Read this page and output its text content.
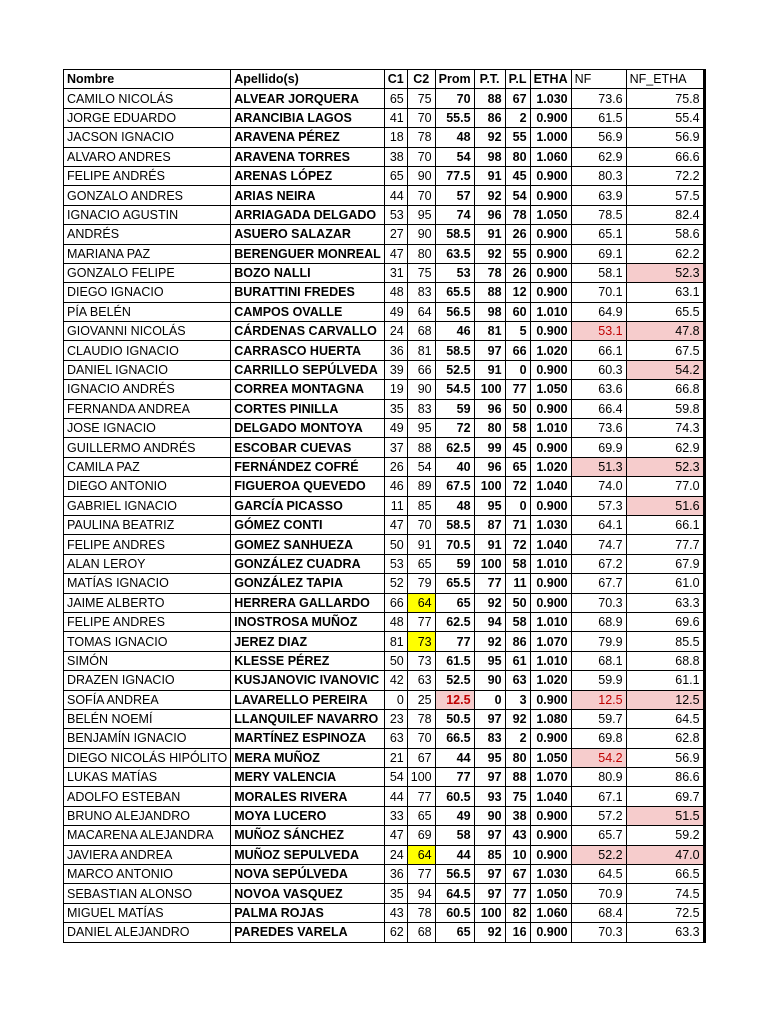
Nombre	Apellido(s)	C1	C2	Prom	P.T.	P.L	ETHA	NF	NF_ETHA
CAMILO NICOLÁS	ALVEAR JORQUERA	65	75	70	88	67	1.030	73.6	75.8
JORGE EDUARDO	ARANCIBIA LAGOS	41	70	55.5	86	2	0.900	61.5	55.4
JACSON IGNACIO	ARAVENA PÉREZ	18	78	48	92	55	1.000	56.9	56.9
ALVARO ANDRES	ARAVENA TORRES	38	70	54	98	80	1.060	62.9	66.6
FELIPE ANDRÉS	ARENAS LÓPEZ	65	90	77.5	91	45	0.900	80.3	72.2
GONZALO ANDRES	ARIAS NEIRA	44	70	57	92	54	0.900	63.9	57.5
IGNACIO AGUSTIN	ARRIAGADA DELGADO	53	95	74	96	78	1.050	78.5	82.4
ANDRÉS	ASUERO SALAZAR	27	90	58.5	91	26	0.900	65.1	58.6
MARIANA PAZ	BERENGUER MONREAL	47	80	63.5	92	55	0.900	69.1	62.2
GONZALO FELIPE	BOZO NALLI	31	75	53	78	26	0.900	58.1	52.3
DIEGO IGNACIO	BURATTINI FREDES	48	83	65.5	88	12	0.900	70.1	63.1
PÍA BELÉN	CAMPOS OVALLE	49	64	56.5	98	60	1.010	64.9	65.5
GIOVANNI NICOLÁS	CÁRDENAS CARVALLO	24	68	46	81	5	0.900	53.1	47.8
CLAUDIO IGNACIO	CARRASCO HUERTA	36	81	58.5	97	66	1.020	66.1	67.5
DANIEL IGNACIO	CARRILLO SEPÚLVEDA	39	66	52.5	91	0	0.900	60.3	54.2
IGNACIO ANDRÉS	CORREA MONTAGNA	19	90	54.5	100	77	1.050	63.6	66.8
FERNANDA ANDREA	CORTES PINILLA	35	83	59	96	50	0.900	66.4	59.8
JOSE IGNACIO	DELGADO MONTOYA	49	95	72	80	58	1.010	73.6	74.3
GUILLERMO ANDRÉS	ESCOBAR CUEVAS	37	88	62.5	99	45	0.900	69.9	62.9
CAMILA PAZ	FERNÁNDEZ COFRÉ	26	54	40	96	65	1.020	51.3	52.3
DIEGO ANTONIO	FIGUEROA QUEVEDO	46	89	67.5	100	72	1.040	74.0	77.0
GABRIEL IGNACIO	GARCÍA PICASSO	11	85	48	95	0	0.900	57.3	51.6
PAULINA BEATRIZ	GÓMEZ CONTI	47	70	58.5	87	71	1.030	64.1	66.1
FELIPE ANDRES	GOMEZ SANHUEZA	50	91	70.5	91	72	1.040	74.7	77.7
ALAN LEROY	GONZÁLEZ CUADRA	53	65	59	100	58	1.010	67.2	67.9
MATÍAS IGNACIO	GONZÁLEZ TAPIA	52	79	65.5	77	11	0.900	67.7	61.0
JAIME ALBERTO	HERRERA GALLARDO	66	64	65	92	50	0.900	70.3	63.3
FELIPE ANDRES	INOSTROSA MUÑOZ	48	77	62.5	94	58	1.010	68.9	69.6
TOMAS IGNACIO	JEREZ DIAZ	81	73	77	92	86	1.070	79.9	85.5
SIMÓN	KLESSE PÉREZ	50	73	61.5	95	61	1.010	68.1	68.8
DRAZEN IGNACIO	KUSJANOVIC IVANOVIC	42	63	52.5	90	63	1.020	59.9	61.1
SOFÍA ANDREA	LAVARELLO PEREIRA	0	25	12.5	0	3	0.900	12.5	12.5
BELÉN NOEMÍ	LLANQUILEF NAVARRO	23	78	50.5	97	92	1.080	59.7	64.5
BENJAMÍN IGNACIO	MARTÍNEZ ESPINOZA	63	70	66.5	83	2	0.900	69.8	62.8
DIEGO NICOLÁS HIPÓLITO	MERA MUÑOZ	21	67	44	95	80	1.050	54.2	56.9
LUKAS MATÍAS	MERY VALENCIA	54	100	77	97	88	1.070	80.9	86.6
ADOLFO ESTEBAN	MORALES RIVERA	44	77	60.5	93	75	1.040	67.1	69.7
BRUNO ALEJANDRO	MOYA LUCERO	33	65	49	90	38	0.900	57.2	51.5
MACARENA ALEJANDRA	MUÑOZ SÁNCHEZ	47	69	58	97	43	0.900	65.7	59.2
JAVIERA ANDREA	MUÑOZ SEPULVEDA	24	64	44	85	10	0.900	52.2	47.0
MARCO ANTONIO	NOVA SEPÚLVEDA	36	77	56.5	97	67	1.030	64.5	66.5
SEBASTIAN ALONSO	NOVOA VASQUEZ	35	94	64.5	97	77	1.050	70.9	74.5
MIGUEL MATÍAS	PALMA ROJAS	43	78	60.5	100	82	1.060	68.4	72.5
DANIEL ALEJANDRO	PAREDES VARELA	62	68	65	92	16	0.900	70.3	63.3
